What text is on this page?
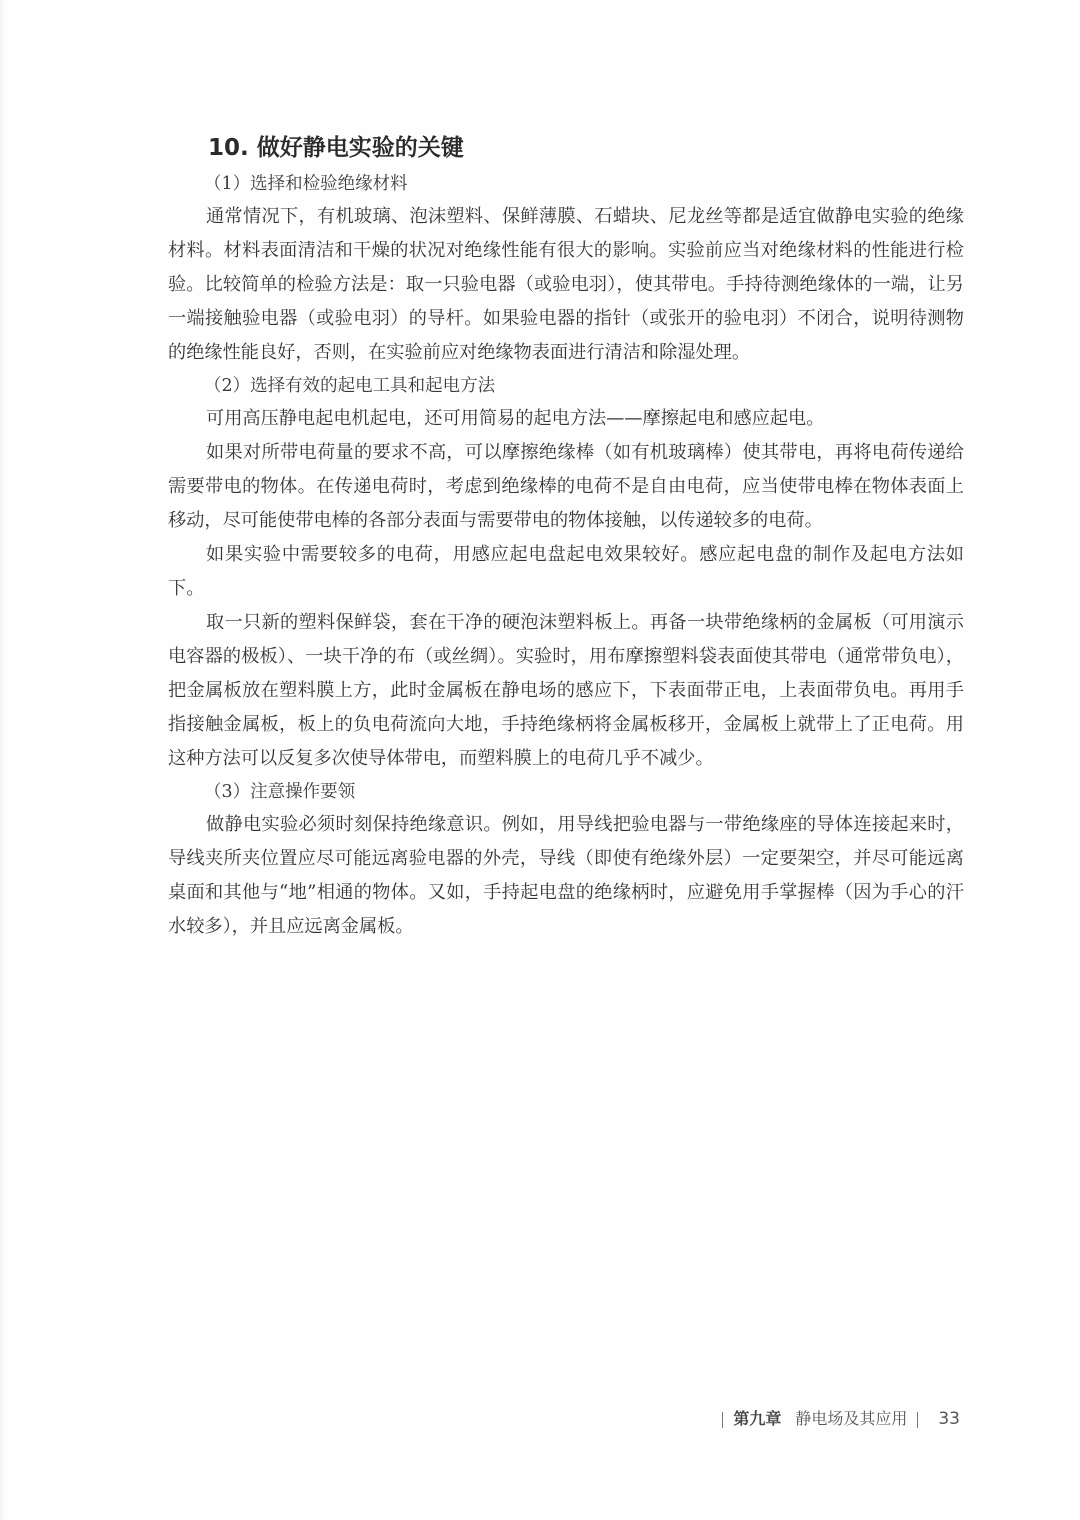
10. 做好静电实验的关键
（1）选择和检验绝缘材料

通常情况下，有机玻璃、泡沫塑料、保鲜薄膜、石蜡块、尼龙丝等都是适宜做静电实验的绝缘材料。材料表面清洁和干燥的状况对绝缘性能有很大的影响。实验前应当对绝缘材料的性能进行检验。比较简单的检验方法是：取一只验电器（或验电羽），使其带电。手持待测绝缘体的一端，让另一端接触验电器（或验电羽）的导杆。如果验电器的指针（或张开的验电羽）不闭合，说明待测物的绝缘性能良好，否则，在实验前应对绝缘物表面进行清洁和除湿处理。

（2）选择有效的起电工具和起电方法

可用高压静电起电机起电，还可用简易的起电方法——摩擦起电和感应起电。

如果对所带电荷量的要求不高，可以摩擦绝缘棒（如有机玻璃棒）使其带电，再将电荷传递给需要带电的物体。在传递电荷时，考虑到绝缘棒的电荷不是自由电荷，应当使带电棒在物体表面上移动，尽可能使带电棒的各部分表面与需要带电的物体接触，以传递较多的电荷。

如果实验中需要较多的电荷，用感应起电盘起电效果较好。感应起电盘的制作及起电方法如下。

取一只新的塑料保鲜袋，套在干净的硬泡沫塑料板上。再备一块带绝缘柄的金属板（可用演示电容器的极板）、一块干净的布（或丝绸）。实验时，用布摩擦塑料袋表面使其带电（通常带负电），把金属板放在塑料膜上方，此时金属板在静电场的感应下，下表面带正电，上表面带负电。再用手指接触金属板，板上的负电荷流向大地，手持绝缘柄将金属板移开，金属板上就带上了正电荷。用这种方法可以反复多次使导体带电，而塑料膜上的电荷几乎不减少。

（3）注意操作要领

做静电实验必须时刻保持绝缘意识。例如，用导线把验电器与一带绝缘座的导体连接起来时，导线夹所夹位置应尽可能远离验电器的外壳，导线（即使有绝缘外层）一定要架空，并尽可能远离桌面和其他与“地”相通的物体。又如，手持起电盘的绝缘柄时，应避免用手掌握棒（因为手心的汗水较多），并且应远离金属板。

第九章 静电场及其应用 33
